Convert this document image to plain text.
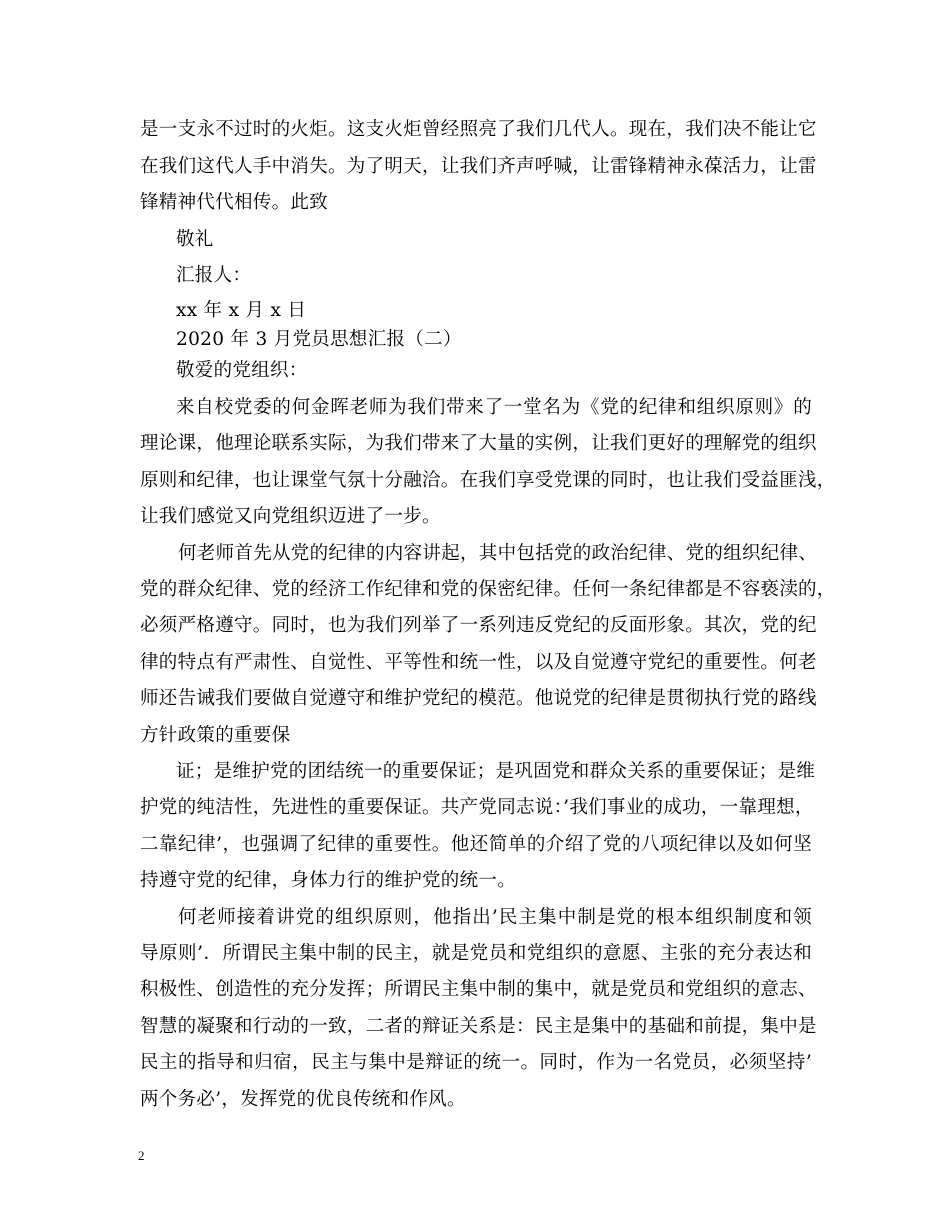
是一支永不过时的火炬。这支火炬曾经照亮了我们几代人。现在，我们决不能让它
在我们这代人手中消失。为了明天，让我们齐声呼喊，让雷锋精神永葆活力，让雷
锋精神代代相传。此致
敬礼
汇报人：
xx 年 x 月 x 日
2020 年 3 月党员思想汇报（二）
敬爱的党组织：
来自校党委的何金晖老师为我们带来了一堂名为《党的纪律和组织原则》的
理论课，他理论联系实际，为我们带来了大量的实例，让我们更好的理解党的组织
原则和纪律，也让课堂气氛十分融洽。在我们享受党课的同时，也让我们受益匪浅，
让我们感觉又向党组织迈进了一步。
何老师首先从党的纪律的内容讲起，其中包括党的政治纪律、党的组织纪律、
党的群众纪律、党的经济工作纪律和党的保密纪律。任何一条纪律都是不容亵渎的，
必须严格遵守。同时，也为我们列举了一系列违反党纪的反面形象。其次，党的纪
律的特点有严肃性、自觉性、平等性和统一性，以及自觉遵守党纪的重要性。何老
师还告诫我们要做自觉遵守和维护党纪的模范。他说党的纪律是贯彻执行党的路线
方针政策的重要保
证；是维护党的团结统一的重要保证；是巩固党和群众关系的重要保证；是维
护党的纯洁性，先进性的重要保证。共产党同志说：’我们事业的成功，一靠理想，
二靠纪律’，也强调了纪律的重要性。他还简单的介绍了党的八项纪律以及如何坚
持遵守党的纪律，身体力行的维护党的统一。
何老师接着讲党的组织原则，他指出’民主集中制是党的根本组织制度和领
导原则’．所谓民主集中制的民主，就是党员和党组织的意愿、主张的充分表达和
积极性、创造性的充分发挥；所谓民主集中制的集中，就是党员和党组织的意志、
智慧的凝聚和行动的一致，二者的辩证关系是：民主是集中的基础和前提，集中是
民主的指导和归宿，民主与集中是辩证的统一。同时，作为一名党员，必须坚持’
两个务必’，发挥党的优良传统和作风。
2
